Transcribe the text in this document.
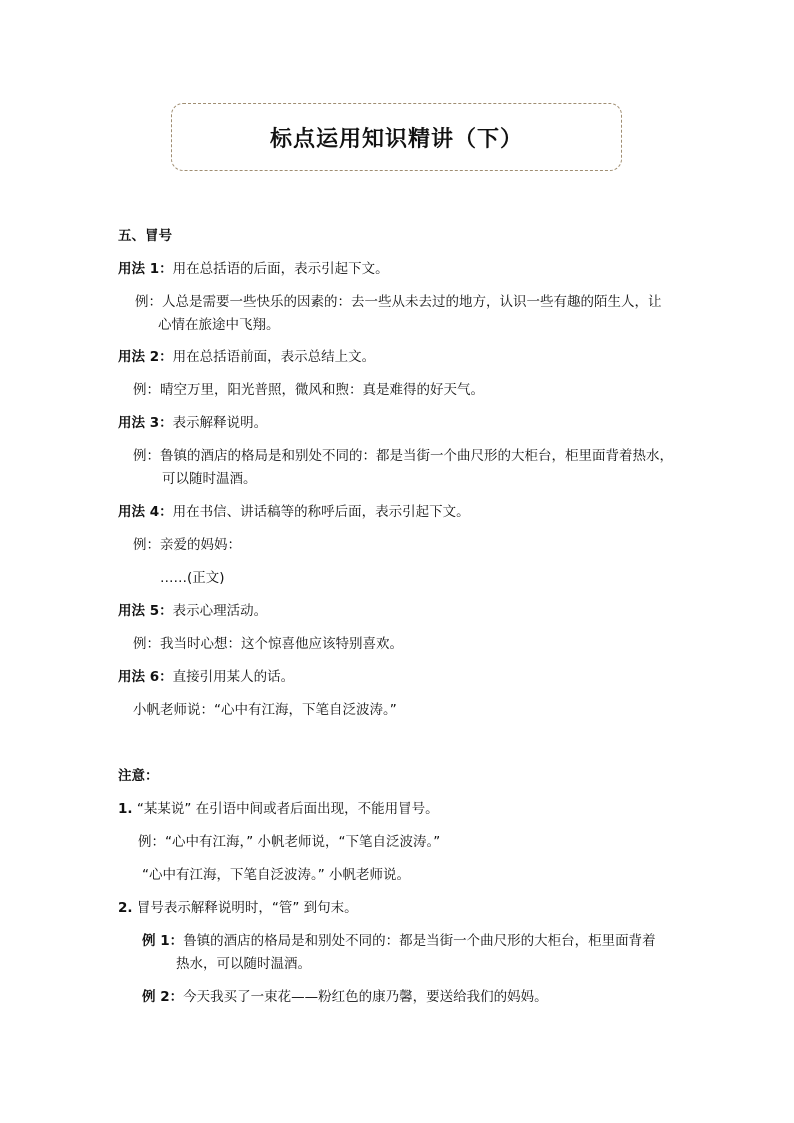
标点运用知识精讲（下）
五、冒号
用法 1：用在总括语的后面，表示引起下文。
例：人总是需要一些快乐的因素的：去一些从未去过的地方，认识一些有趣的陌生人，让
心情在旅途中飞翔。
用法 2：用在总括语前面，表示总结上文。
例：晴空万里，阳光普照，微风和煦：真是难得的好天气。
用法 3：表示解释说明。
例：鲁镇的酒店的格局是和别处不同的：都是当街一个曲尺形的大柜台，柜里面背着热水，
可以随时温酒。
用法 4：用在书信、讲话稿等的称呼后面，表示引起下文。
例：亲爱的妈妈：
……(正文)
用法 5：表示心理活动。
例：我当时心想：这个惊喜他应该特别喜欢。
用法 6：直接引用某人的话。
小帆老师说：“心中有江海，下笔自泛波涛。”
注意：
1. “某某说” 在引语中间或者后面出现，不能用冒号。
例：“心中有江海，” 小帆老师说，“下笔自泛波涛。”
“心中有江海，下笔自泛波涛。” 小帆老师说。
2. 冒号表示解释说明时，“管” 到句末。
例 1：鲁镇的酒店的格局是和别处不同的：都是当街一个曲尺形的大柜台，柜里面背着
热水，可以随时温酒。
例 2：今天我买了一束花——粉红色的康乃馨，要送给我们的妈妈。
